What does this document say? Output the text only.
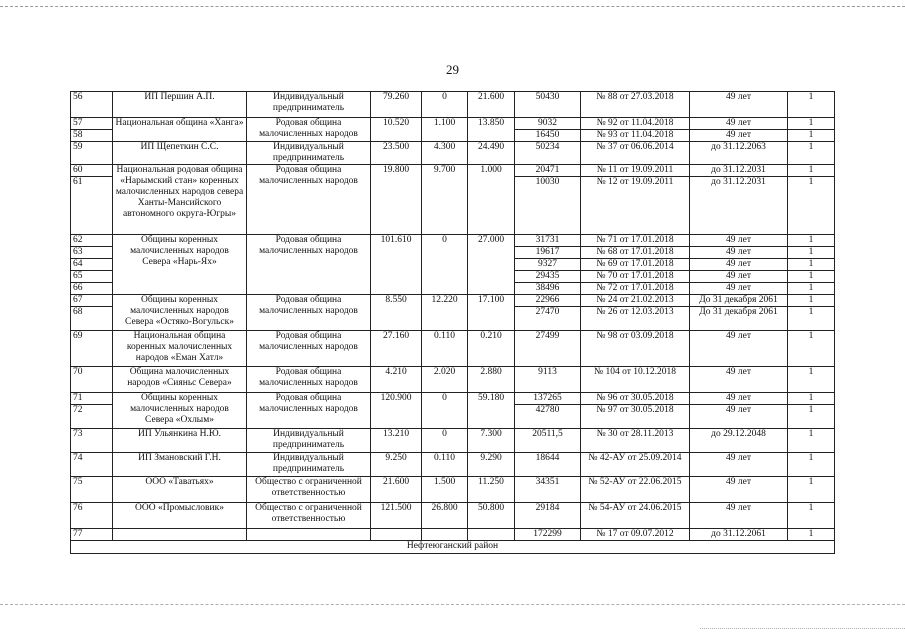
29
56	ИП Першин А.П.	Индивидуальный предприниматель	79.260	0	21.600	50430	№ 88 от 27.03.2018	49 лет	1
57	Национальная община «Ханга»	Родовая община малочисленных народов	10.520	1.100	13.850	9032	№ 92 от 11.04.2018	49 лет	1
58						16450	№ 93 от 11.04.2018	49 лет	1
59	ИП Щепеткин С.С.	Индивидуальный предприниматель	23.500	4.300	24.490	50234	№ 37 от 06.06.2014	до 31.12.2063	1
60	Национальная родовая община «Нарымский стан» коренных малочисленных народов севера Ханты-Мансийского автономного округа-Югры»	Родовая община малочисленных народов	19.800	9.700	1.000	20471	№ 11 от 19.09.2011	до 31.12.2031	1
61						10030	№ 12 от 19.09.2011	до 31.12.2031	1
62	Общины коренных малочисленных народов Севера «Нарь-Ях»	Родовая община малочисленных народов	101.610	0	27.000	31731	№ 71 от 17.01.2018	49 лет	1
63						19617	№ 68 от 17.01.2018	49 лет	1
64						9327	№ 69 от 17.01.2018	49 лет	1
65						29435	№ 70 от 17.01.2018	49 лет	1
66						38496	№ 72 от 17.01.2018	49 лет	1
67	Общины коренных малочисленных народов Севера «Остяко-Вогульск»	Родовая община малочисленных народов	8.550	12.220	17.100	22966	№ 24 от 21.02.2013	До 31 декабря 2061	1
68						27470	№ 26 от 12.03.2013	До 31 декабря 2061	1
69	Национальная община коренных малочисленных народов «Еман Хатл»	Родовая община малочисленных народов	27.160	0.110	0.210	27499	№ 98 от 03.09.2018	49 лет	1
70	Община малочисленных народов «Сияньс Севера»	Родовая община малочисленных народов	4.210	2.020	2.880	9113	№ 104 от 10.12.2018	49 лет	1
71	Общины коренных малочисленных народов Севера «Охлым»	Родовая община малочисленных народов	120.900	0	59.180	137265	№ 96 от 30.05.2018	49 лет	1
72						42780	№ 97 от 30.05.2018	49 лет	1
73	ИП Ульянкина Н.Ю.	Индивидуальный предприниматель	13.210	0	7.300	20511,5	№ 30 от 28.11.2013	до 29.12.2048	1
74	ИП Змановский Г.Н.	Индивидуальный предприниматель	9.250	0.110	9.290	18644	№ 42-АУ от 25.09.2014	49 лет	1
75	ООО «Таватьях»	Общество с ограниченной ответственностью	21.600	1.500	11.250	34351	№ 52-АУ от 22.06.2015	49 лет	1
76	ООО «Промысловик»	Общество с ограниченной ответственностью	121.500	26.800	50.800	29184	№ 54-АУ от 24.06.2015	49 лет	1
77						172299	№ 17 от 09.07.2012	до 31.12.2061	1
Нефтеюганский район									
